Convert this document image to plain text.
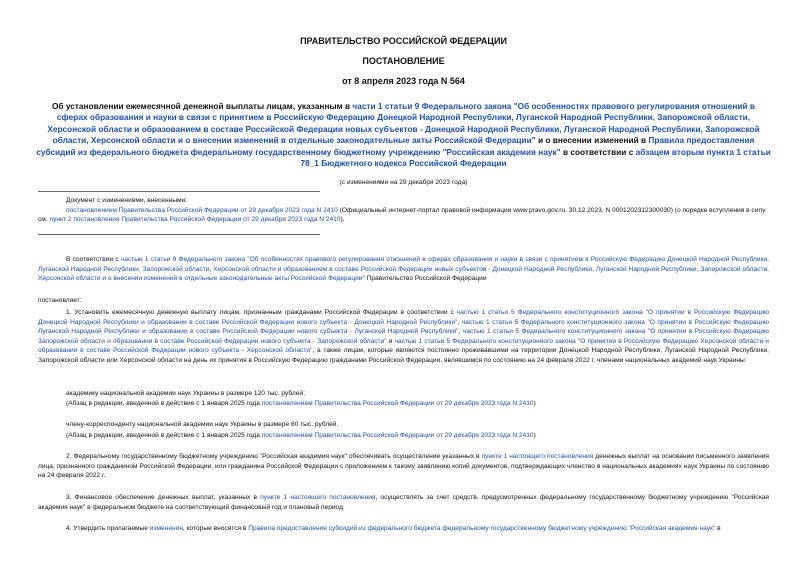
ПРАВИТЕЛЬСТВО РОССИЙСКОЙ ФЕДЕРАЦИИ
ПОСТАНОВЛЕНИЕ
от 8 апреля 2023 года N 564
Об установлении ежемесячной денежной выплаты лицам, указанным в части 1 статьи 9 Федерального закона "Об особенностях правового регулирования отношений в сферах образования и науки в связи с принятием в Российскую Федерацию Донецкой Народной Республики, Луганской Народной Республики, Запорожской области, Херсонской области и образованием в составе Российской Федерации новых субъектов - Донецкой Народной Республики, Луганской Народной Республики, Запорожской области, Херсонской области и о внесении изменений в отдельные законодательные акты Российской Федерации" и о внесении изменений в Правила предоставления субсидий из федерального бюджета федеральному государственному бюджетному учреждению "Российская академия наук" в соответствии с абзацем вторым пункта 1 статьи 78_1 Бюджетного кодекса Российской Федерации
(с изменениями на 29 декабря 2023 года)
Документ с изменениями, внесенными:
постановлением Правительства Российской Федерации от 29 декабря 2023 года N 2410 (Официальный интернет-портал правовой информации www.pravo.gov.ru, 30.12.2023, N 0001202312300030) (о порядке вступления в силу см. пункт 2 постановления Правительства Российской Федерации от 29 декабря 2023 года N 2410).
В соответствии с частью 1 статьи 9 Федерального закона "Об особенностях правового регулирования отношений в сферах образования и науки в связи с принятием в Российскую Федерацию Донецкой Народной Республики, Луганской Народной Республики, Запорожской области, Херсонской области и образованием в составе Российской Федерации новых субъектов - Донецкой Народной Республики, Луганской Народной Республики, Запорожской области, Херсонской области и о внесении изменений в отдельные законодательные акты Российской Федерации" Правительство Российской Федерации
постановляет:
1. Установить ежемесячную денежную выплату лицам, признанным гражданами Российской Федерации в соответствии с частью 1 статьи 5 Федерального конституционного закона "О принятии в Российскую Федерацию Донецкой Народной Республики и образовании в составе Российской Федерации нового субъекта - Донецкой Народной Республики", частью 1 статьи 5 Федерального конституционного закона "О принятии в Российскую Федерацию Луганской Народной Республики и образовании в составе Российской Федерации нового субъекта - Луганской Народной Республики", частью 1 статьи 5 Федерального конституционного закона "О принятии в Российскую Федерацию Запорожской области и образовании в составе Российской Федерации нового субъекта - Запорожской области" и частью 1 статьи 5 Федерального конституционного закона "О принятии в Российскую Федерацию Херсонской области и образовании в составе Российской Федерации нового субъекта - Херсонской области", а также лицам, которые являются постоянно проживавшими на территории Донецкой Народной Республики, Луганской Народной Республики, Запорожской области или Херсонской области на день их принятия в Российскую Федерацию гражданами Российской Федерации, являвшимся по состоянию на 24 февраля 2022 г. членами национальных академий наук Украины:
академику национальной академии наук Украины в размере 120 тыс. рублей;
(Абзац в редакции, введенной в действие с 1 января 2025 года постановлением Правительства Российской Федерации от 29 декабря 2023 года N 2410)
члену-корреспонденту национальной академии наук Украины в размере 60 тыс. рублей.
(Абзац в редакции, введенной в действие с 1 января 2025 года постановлением Правительства Российской Федерации от 29 декабря 2023 года N 2410)
2. Федеральному государственному бюджетному учреждению "Российская академия наук" обеспечивать осуществление указанных в пункте 1 настоящего постановления денежных выплат на основании письменного заявления лица, признанного гражданином Российской Федерации, или гражданина Российской Федерации с приложением к такому заявлению копий документов, подтверждающих членство в национальных академиях наук Украины по состоянию на 24 февраля 2022 г.
3. Финансовое обеспечение денежных выплат, указанных в пункте 1 настоящего постановления, осуществлять за счет средств, предусмотренных федеральному государственному бюджетному учреждению "Российская академия наук" в федеральном бюджете на соответствующий финансовый год и плановый период.
4. Утвердить прилагаемые изменения, которые вносятся в Правила предоставления субсидий из федерального бюджета федеральному государственному бюджетному учреждению "Российская академия наук" в
